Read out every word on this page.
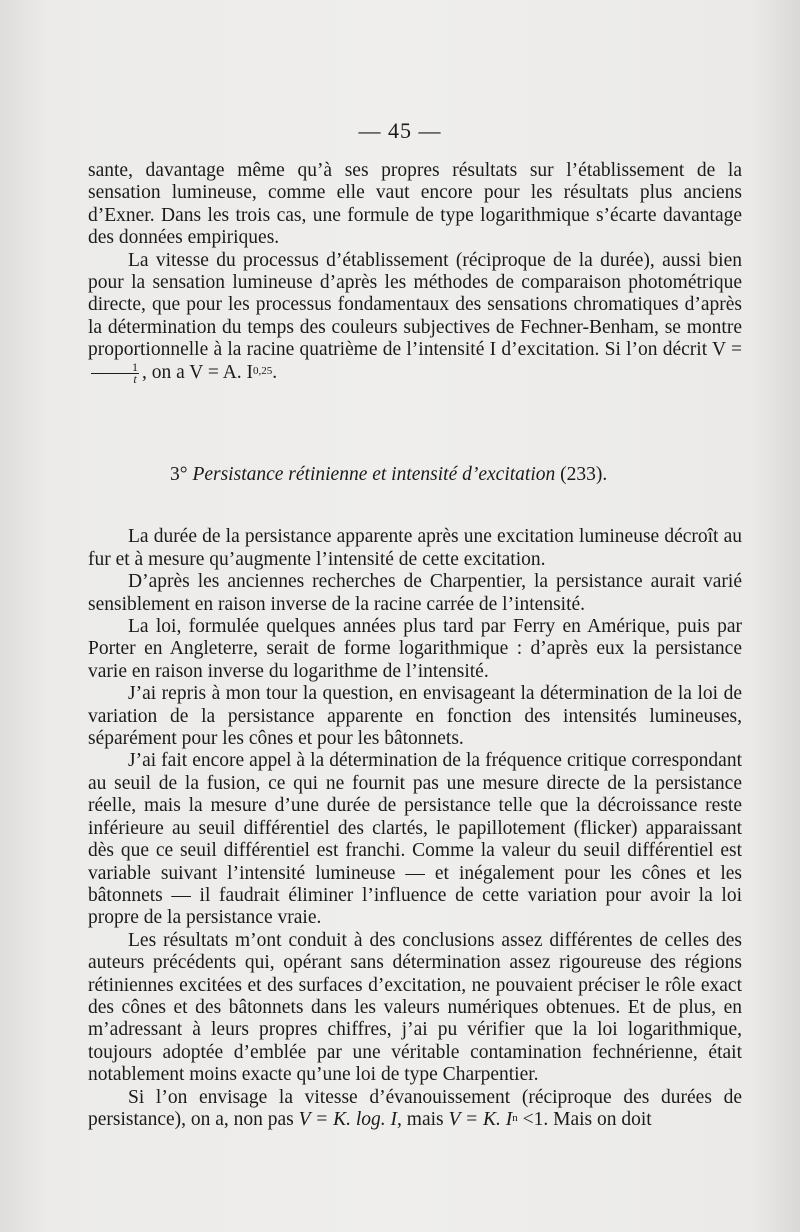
— 45 —

sante, davantage même qu’à ses propres résultats sur l’établissement de la sensation lumineuse, comme elle vaut encore pour les résultats plus anciens d’Exner. Dans les trois cas, une formule de type logarithmique s’écarte davantage des données empiriques.

La vitesse du processus d’établissement (réciproque de la durée), aussi bien pour la sensation lumineuse d’après les méthodes de comparaison photométrique directe, que pour les processus fondamentaux des sensations chromatiques d’après la détermination du temps des couleurs subjectives de Fechner-Benham, se montre proportionnelle à la racine quatrième de l’intensité I d’excitation. Si l’on décrit V =
$\frac{1}{t}$ , on a V = A. I$^{0,25}$.

3° Persistance rétinienne et intensité d’excitation (233).

La durée de la persistance apparente après une excitation lumineuse décroît au fur et à mesure qu’augmente l’intensité de cette excitation.

D’après les anciennes recherches de Charpentier, la persistance aurait varié sensiblement en raison inverse de la racine carrée de l’intensité.

La loi, formulée quelques années plus tard par Ferry en Amérique, puis par Porter en Angleterre, serait de forme logarithmique : d’après eux la persistance varie en raison inverse du logarithme de l’intensité.

J’ai repris à mon tour la question, en envisageant la détermination de la loi de variation de la persistance apparente en fonction des intensités lumineuses, séparément pour les cônes et pour les bâtonnets.

J’ai fait encore appel à la détermination de la fréquence critique correspondant au seuil de la fusion, ce qui ne fournit pas une mesure directe de la persistance réelle, mais la mesure d’une durée de persistance telle que la décroissance reste inférieure au seuil différentiel des clartés, le papillotement (flicker) apparaissant dès que ce seuil différentiel est franchi. Comme la valeur du seuil différentiel est variable suivant l’intensité lumineuse — et inégalement pour les cônes et les bâtonnets — il faudrait éliminer l’influence de cette variation pour avoir la loi propre de la persistance vraie.

Les résultats m’ont conduit à des conclusions assez différentes de celles des auteurs précédents qui, opérant sans détermination assez rigoureuse des régions rétiniennes excitées et des surfaces d’excitation, ne pouvaient préciser le rôle exact des cônes et des bâtonnets dans les valeurs numériques obtenues. Et de plus, en m’adressant à leurs propres chiffres, j’ai pu vérifier que la loi logarithmique, toujours adoptée d’emblée par une véritable contamination fechnérienne, était notablement moins exacte qu’une loi de type Charpentier.

Si l’on envisage la vitesse d’évanouissement (réciproque des durées de persistance), on a, non pas V = K. log. I, mais V = K. $I^n <1$. Mais on doit
